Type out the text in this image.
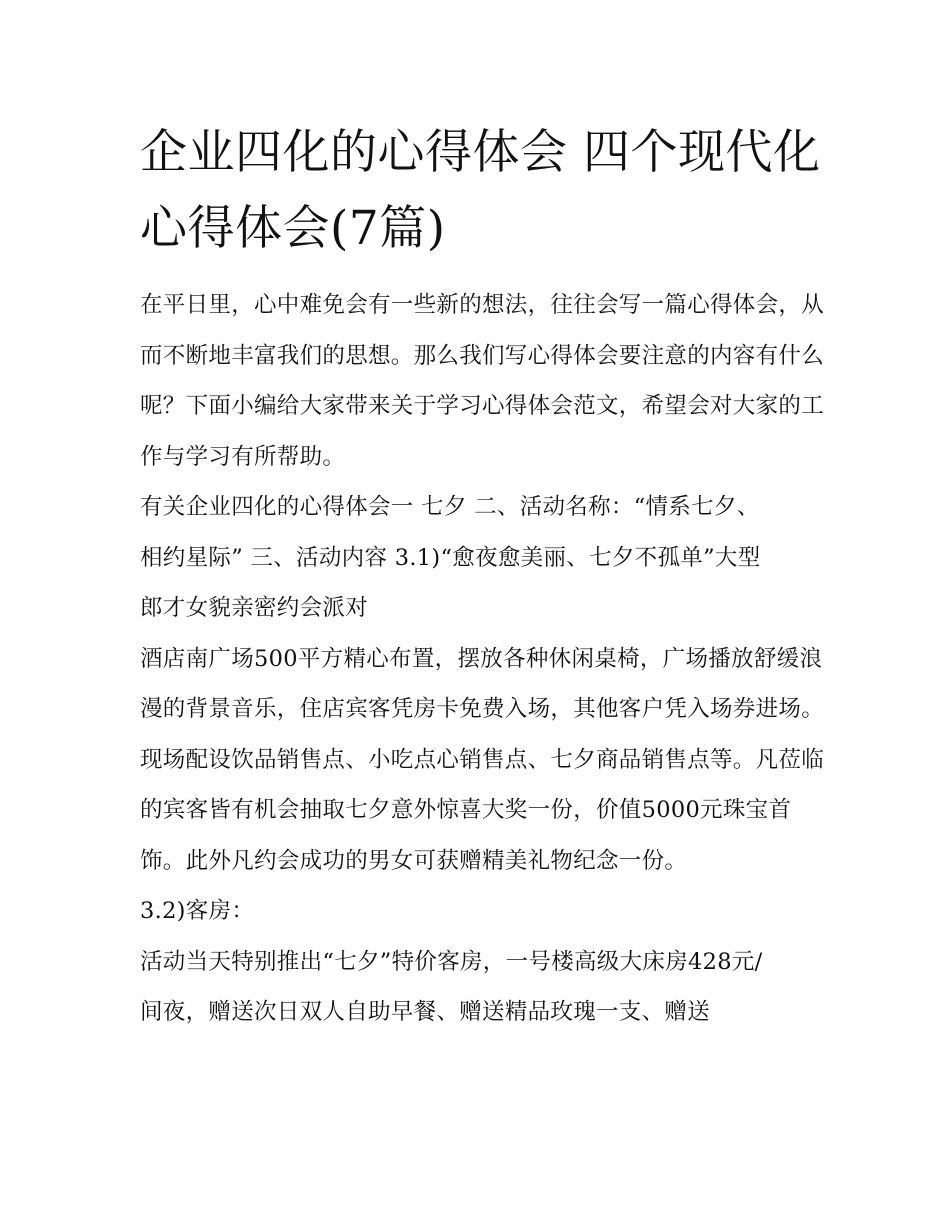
企业四化的心得体会 四个现代化心得体会(7篇)

在平日里，心中难免会有一些新的想法，往往会写一篇心得体会，从而不断地丰富我们的思想。那么我们写心得体会要注意的内容有什么呢？下面小编给大家带来关于学习心得体会范文，希望会对大家的工作与学习有所帮助。

有关企业四化的心得体会一 七夕 二、活动名称：“情系七夕、相约星际” 三、活动内容 3.1)“愈夜愈美丽、七夕不孤单”大型郎才女貌亲密约会派对

酒店南广场500平方精心布置，摆放各种休闲桌椅，广场播放舒缓浪漫的背景音乐，住店宾客凭房卡免费入场，其他客户凭入场券进场。现场配设饮品销售点、小吃点心销售点、七夕商品销售点等。凡莅临的宾客皆有机会抽取七夕意外惊喜大奖一份，价值5000元珠宝首饰。此外凡约会成功的男女可获赠精美礼物纪念一份。

3.2)客房：

活动当天特别推出“七夕”特价客房，一号楼高级大床房428元/间夜，赠送次日双人自助早餐、赠送精品玫瑰一支、赠送
